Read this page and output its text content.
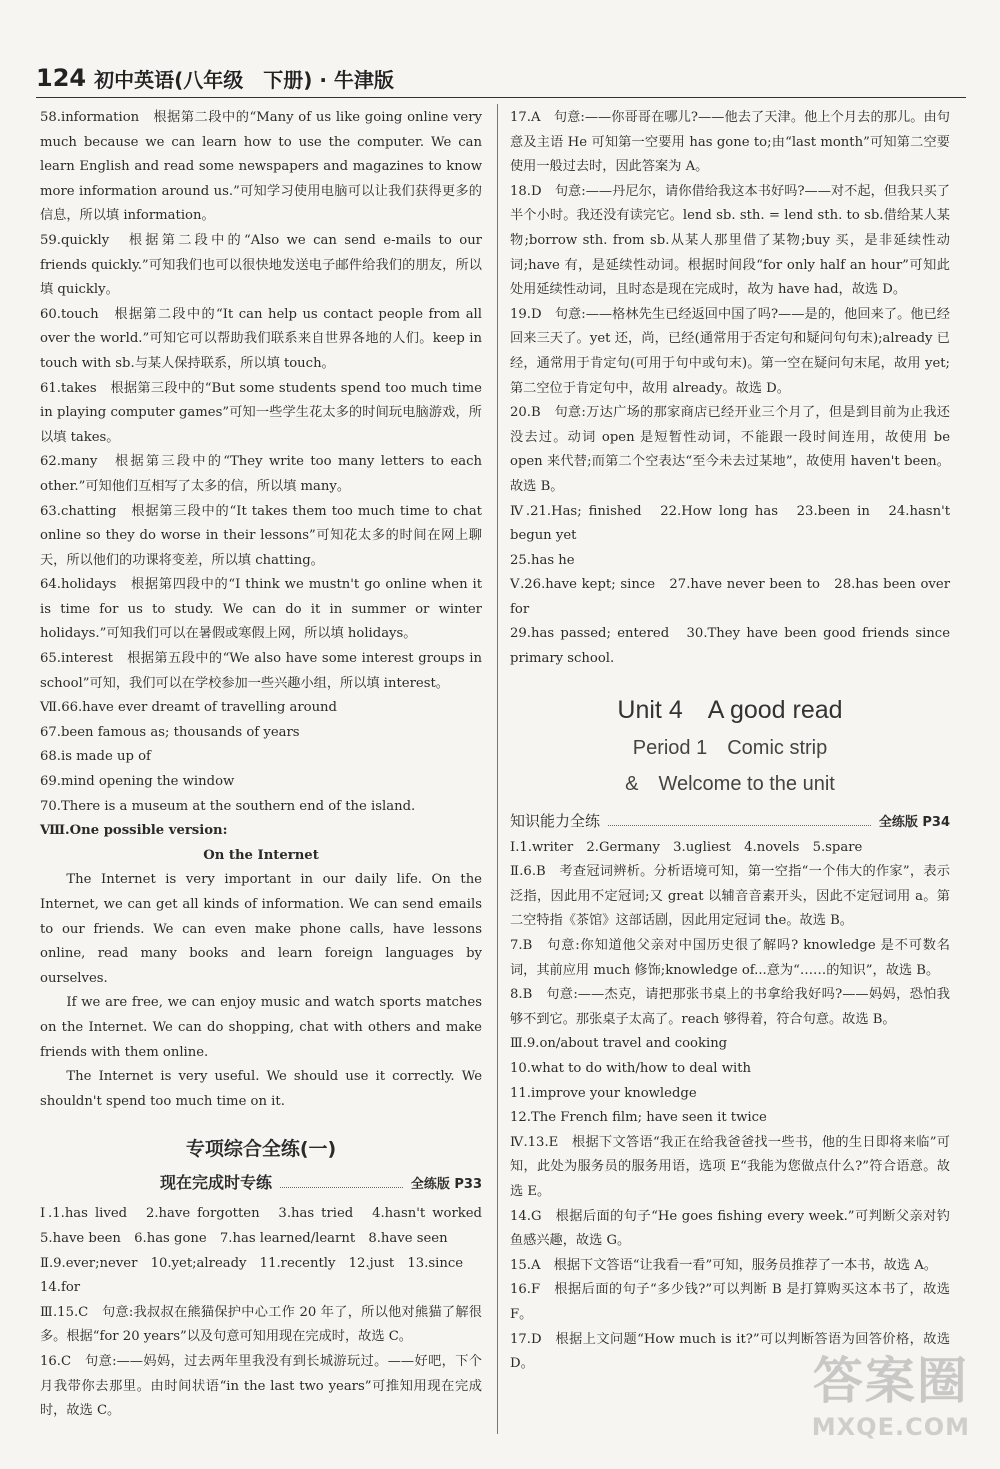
124 初中英语(八年级　下册) · 牛津版

58.information　根据第二段中的“Many of us like going online very much because we can learn how to use the computer. We can learn English and read some newspapers and magazines to know more information around us.”可知学习使用电脑可以让我们获得更多的信息，所以填 information。

59.quickly　根据第二段中的“Also we can send e-mails to our friends quickly.”可知我们也可以很快地发送电子邮件给我们的朋友，所以填 quickly。

60.touch　根据第二段中的“It can help us contact people from all over the world.”可知它可以帮助我们联系来自世界各地的人们。keep in touch with sb.与某人保持联系，所以填 touch。

61.takes　根据第三段中的“But some students spend too much time in playing computer games”可知一些学生花太多的时间玩电脑游戏，所以填 takes。

62.many　根据第三段中的“They write too many letters to each other.”可知他们互相写了太多的信，所以填 many。

63.chatting　根据第三段中的“It takes them too much time to chat online so they do worse in their lessons”可知花太多的时间在网上聊天，所以他们的功课将变差，所以填 chatting。

64.holidays　根据第四段中的“I think we mustn't go online when it is time for us to study. We can do it in summer or winter holidays.”可知我们可以在暑假或寒假上网，所以填 holidays。

65.interest　根据第五段中的“We also have some interest groups in school”可知，我们可以在学校参加一些兴趣小组，所以填 interest。

Ⅶ.66.have ever dreamt of travelling around

67.been famous as; thousands of years

68.is made up of

69.mind opening the window

70.There is a museum at the southern end of the island.

Ⅷ.One possible version:

On the Internet

The Internet is very important in our daily life. On the Internet, we can get all kinds of information. We can send emails to our friends. We can even make phone calls, have lessons online, read many books and learn foreign languages by ourselves.

If we are free, we can enjoy music and watch sports matches on the Internet. We can do shopping, chat with others and make friends with them online.

The Internet is very useful. We should use it correctly. We shouldn't spend too much time on it.

专项综合全练(一)
现在完成时专练	全练版 P33

Ⅰ.1.has lived　2.have forgotten　3.has tried　4.hasn't worked　5.have been　6.has gone　7.has learned/learnt　8.have seen

Ⅱ.9.ever;never　10.yet;already　11.recently　12.just　13.since

14.for

Ⅲ.15.C　句意:我叔叔在熊猫保护中心工作 20 年了，所以他对熊猫了解很多。根据“for 20 years”以及句意可知用现在完成时，故选 C。

16.C　句意:——妈妈，过去两年里我没有到长城游玩过。——好吧，下个月我带你去那里。由时间状语“in the last two years”可推知用现在完成时，故选 C。

17.A　句意:——你哥哥在哪儿?——他去了天津。他上个月去的那儿。由句意及主语 He 可知第一空要用 has gone to;由“last month”可知第二空要使用一般过去时，因此答案为 A。

18.D　句意:——丹尼尔，请你借给我这本书好吗?——对不起，但我只买了半个小时。我还没有读完它。lend sb. sth. = lend sth. to sb.借给某人某物;borrow sth. from sb.从某人那里借了某物;buy 买，是非延续性动词;have 有，是延续性动词。根据时间段“for only half an hour”可知此处用延续性动词，且时态是现在完成时，故为 have had，故选 D。

19.D　句意:——格林先生已经返回中国了吗?——是的，他回来了。他已经回来三天了。yet 还，尚，已经(通常用于否定句和疑问句句末);already 已经，通常用于肯定句(可用于句中或句末)。第一空在疑问句末尾，故用 yet;第二空位于肯定句中，故用 already。故选 D。

20.B　句意:万达广场的那家商店已经开业三个月了，但是到目前为止我还没去过。动词 open 是短暂性动词，不能跟一段时间连用，故使用 be open 来代替;而第二个空表达“至今未去过某地”，故使用 haven't been。故选 B。

Ⅳ.21.Has; finished　22.How long has　23.been in　24.hasn't begun yet

25.has he

Ⅴ.26.have kept; since　27.have never been to　28.has been over for

29.has passed; entered　30.They have been good friends since primary school.

Unit 4　A good read
Period 1　Comic strip
&　Welcome to the unit
知识能力全练	全练版 P34

Ⅰ.1.writer　2.Germany　3.ugliest　4.novels　5.spare

Ⅱ.6.B　考查冠词辨析。分析语境可知，第一空指“一个伟大的作家”，表示泛指，因此用不定冠词;又 great 以辅音音素开头，因此不定冠词用 a。第二空特指《茶馆》这部话剧，因此用定冠词 the。故选 B。

7.B　句意:你知道他父亲对中国历史很了解吗? knowledge 是不可数名词，其前应用 much 修饰;knowledge of...意为“……的知识”，故选 B。

8.B　句意:——杰克，请把那张书桌上的书拿给我好吗?——妈妈，恐怕我够不到它。那张桌子太高了。reach 够得着，符合句意。故选 B。

Ⅲ.9.on/about travel and cooking

10.what to do with/how to deal with

11.improve your knowledge

12.The French film; have seen it twice

Ⅳ.13.E　根据下文答语“我正在给我爸爸找一些书，他的生日即将来临”可知，此处为服务员的服务用语，选项 E“我能为您做点什么?”符合语意。故选 E。

14.G　根据后面的句子“He goes fishing every week.”可判断父亲对钓鱼感兴趣，故选 G。

15.A　根据下文答语“让我看一看”可知，服务员推荐了一本书，故选 A。

16.F　根据后面的句子“多少钱?”可以判断 B 是打算购买这本书了，故选 F。

17.D　根据上文问题“How much is it?”可以判断答语为回答价格，故选 D。	答案圈
MXQE.COM
